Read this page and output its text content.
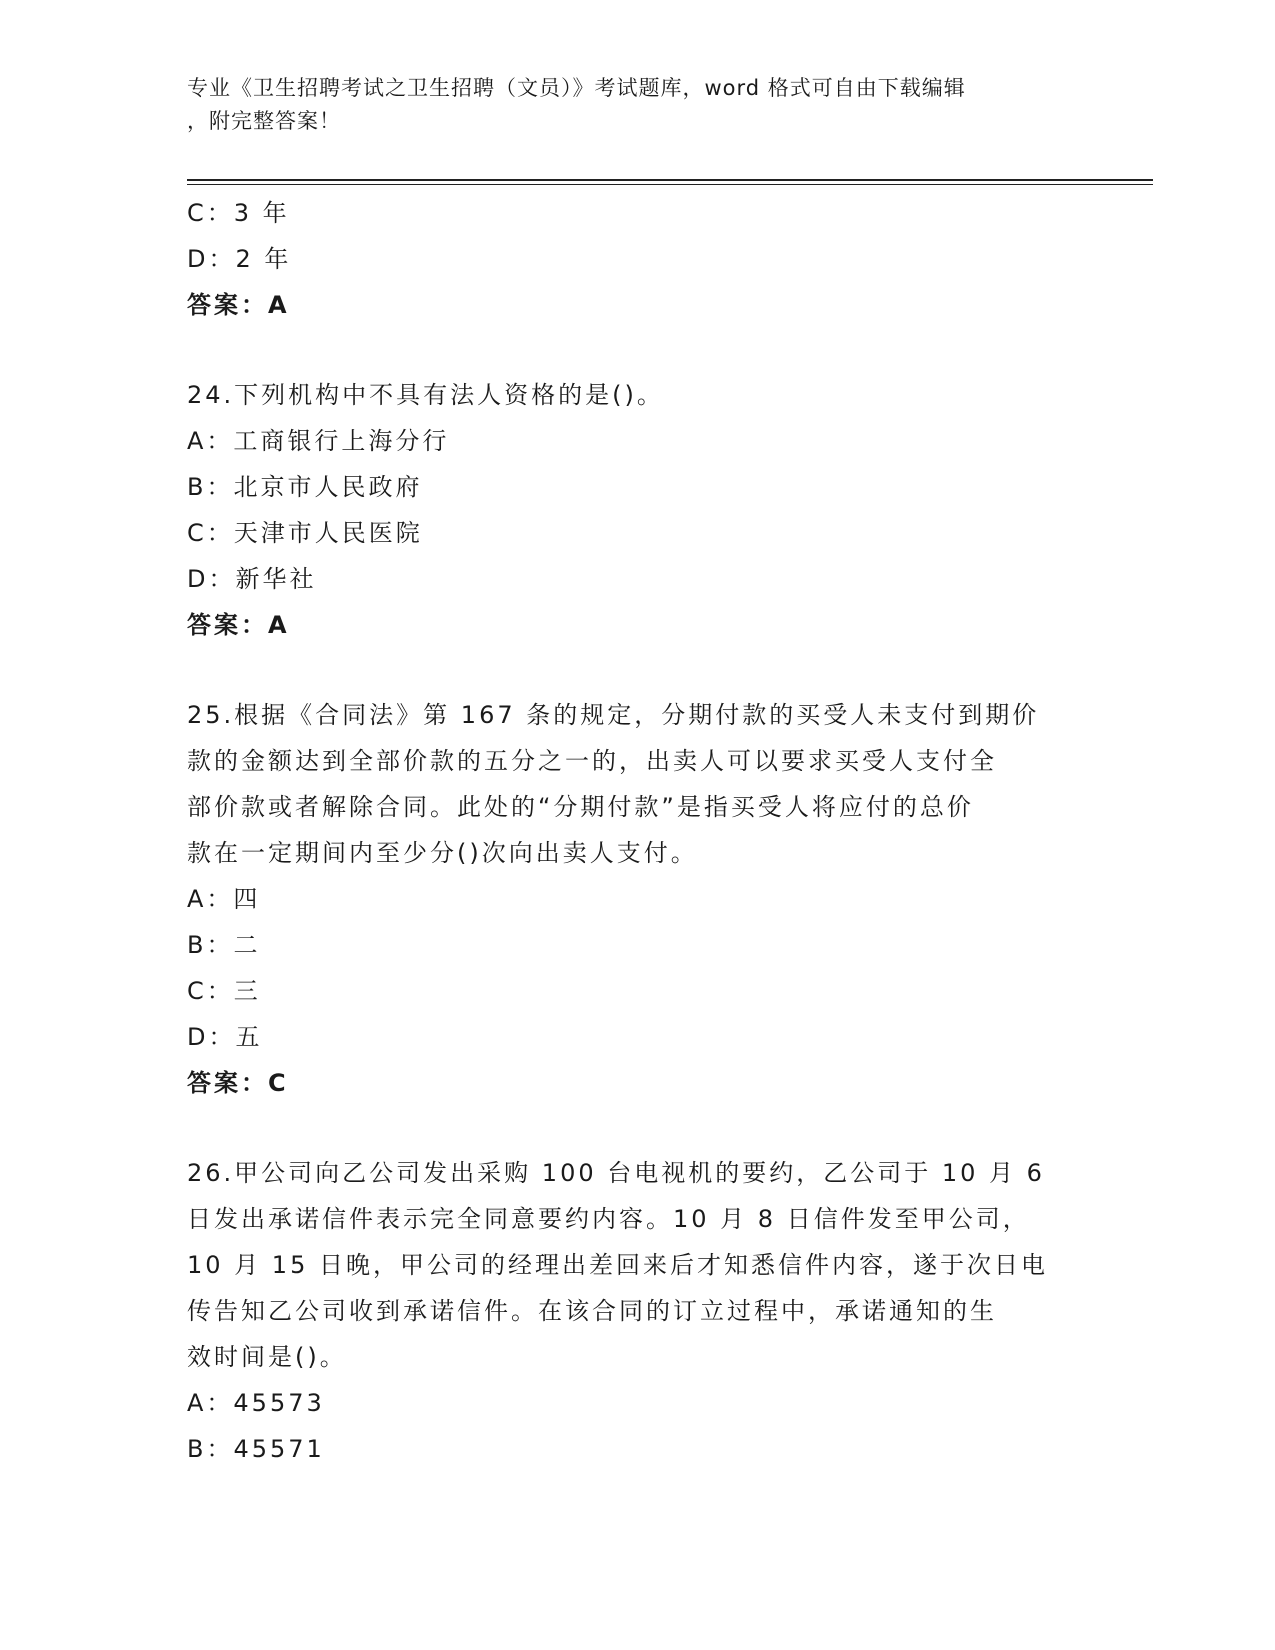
专业《卫生招聘考试之卫生招聘（文员）》考试题库，word 格式可自由下载编辑
，附完整答案！
C：3 年
D：2 年
答案：A
24.下列机构中不具有法人资格的是()。
A：工商银行上海分行
B：北京市人民政府
C：天津市人民医院
D：新华社
答案：A
25.根据《合同法》第 167 条的规定，分期付款的买受人未支付到期价
款的金额达到全部价款的五分之一的，出卖人可以要求买受人支付全
部价款或者解除合同。此处的“分期付款”是指买受人将应付的总价
款在一定期间内至少分()次向出卖人支付。
A：四
B：二
C：三
D：五
答案：C
26.甲公司向乙公司发出采购 100 台电视机的要约，乙公司于 10 月 6
日发出承诺信件表示完全同意要约内容。10 月 8 日信件发至甲公司，
10 月 15 日晚，甲公司的经理出差回来后才知悉信件内容，遂于次日电
传告知乙公司收到承诺信件。在该合同的订立过程中，承诺通知的生
效时间是()。
A：45573
B：45571
